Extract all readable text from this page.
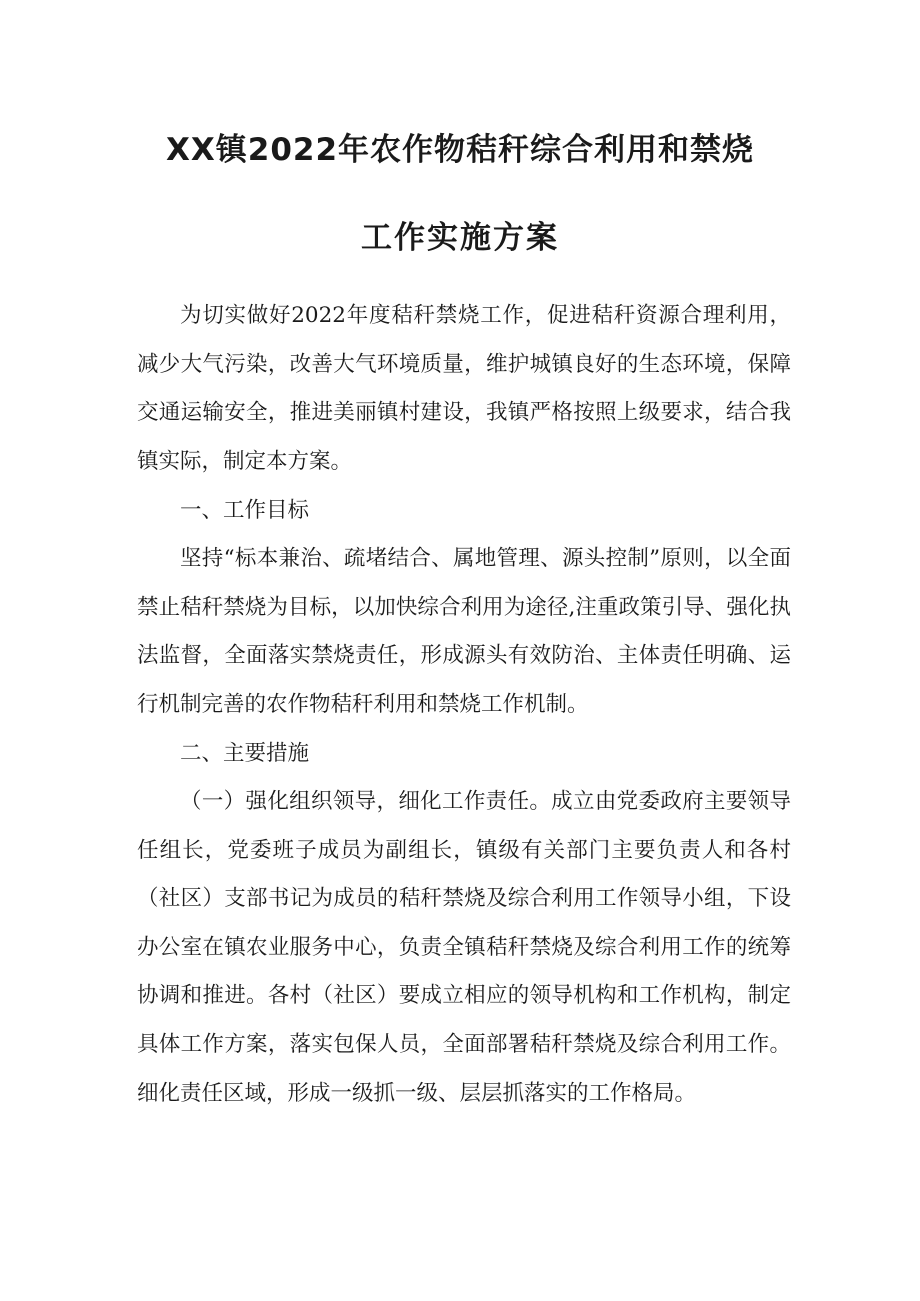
XX镇2022年农作物秸秆综合利用和禁烧
工作实施方案

为切实做好2022年度秸秆禁烧工作，促进秸秆资源合理利用，减少大气污染，改善大气环境质量，维护城镇良好的生态环境，保障交通运输安全，推进美丽镇村建设，我镇严格按照上级要求，结合我镇实际，制定本方案。

一、工作目标

坚持“标本兼治、疏堵结合、属地管理、源头控制”原则，以全面禁止秸秆禁烧为目标，以加快综合利用为途径,注重政策引导、强化执法监督，全面落实禁烧责任，形成源头有效防治、主体责任明确、运行机制完善的农作物秸秆利用和禁烧工作机制。

二、主要措施

（一）强化组织领导，细化工作责任。成立由党委政府主要领导任组长，党委班子成员为副组长，镇级有关部门主要负责人和各村（社区）支部书记为成员的秸秆禁烧及综合利用工作领导小组，下设办公室在镇农业服务中心，负责全镇秸秆禁烧及综合利用工作的统筹协调和推进。各村（社区）要成立相应的领导机构和工作机构，制定具体工作方案，落实包保人员，全面部署秸秆禁烧及综合利用工作。细化责任区域，形成一级抓一级、层层抓落实的工作格局。
